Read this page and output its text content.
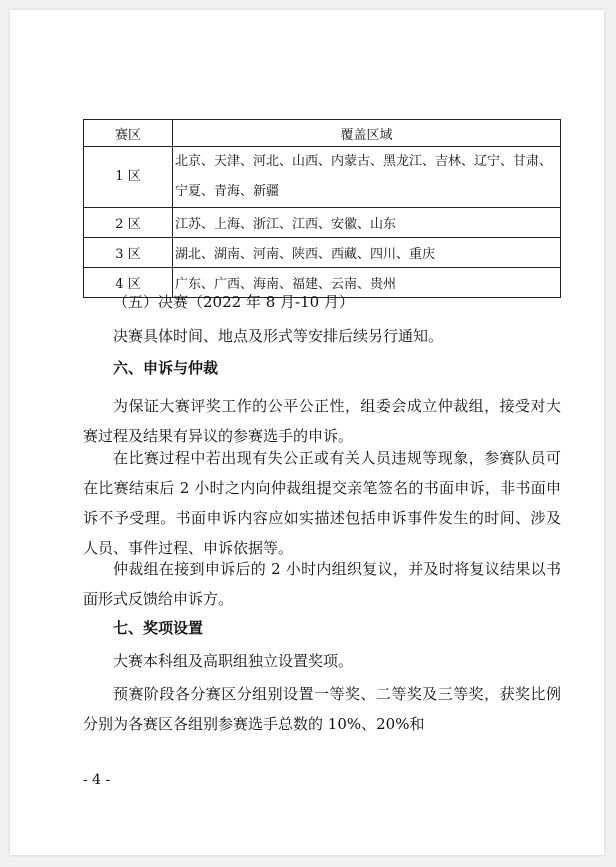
赛区	覆盖区域
1 区	北京、天津、河北、山西、内蒙古、黑龙江、吉林、辽宁、甘肃、宁夏、青海、新疆
2 区	江苏、上海、浙江、江西、安徽、山东
3 区	湖北、湖南、河南、陕西、西藏、四川、重庆
4 区	广东、广西、海南、福建、云南、贵州
（五）决赛（2022 年 8 月-10 月）
决赛具体时间、地点及形式等安排后续另行通知。
六、申诉与仲裁
为保证大赛评奖工作的公平公正性，组委会成立仲裁组，接受对大赛过程及结果有异议的参赛选手的申诉。
在比赛过程中若出现有失公正或有关人员违规等现象，参赛队员可在比赛结束后 2 小时之内向仲裁组提交亲笔签名的书面申诉，非书面申诉不予受理。书面申诉内容应如实描述包括申诉事件发生的时间、涉及人员、事件过程、申诉依据等。
仲裁组在接到申诉后的 2 小时内组织复议，并及时将复议结果以书面形式反馈给申诉方。
七、奖项设置
大赛本科组及高职组独立设置奖项。
预赛阶段各分赛区分组别设置一等奖、二等奖及三等奖，获奖比例分别为各赛区各组别参赛选手总数的 10%、20%和
- 4 -
